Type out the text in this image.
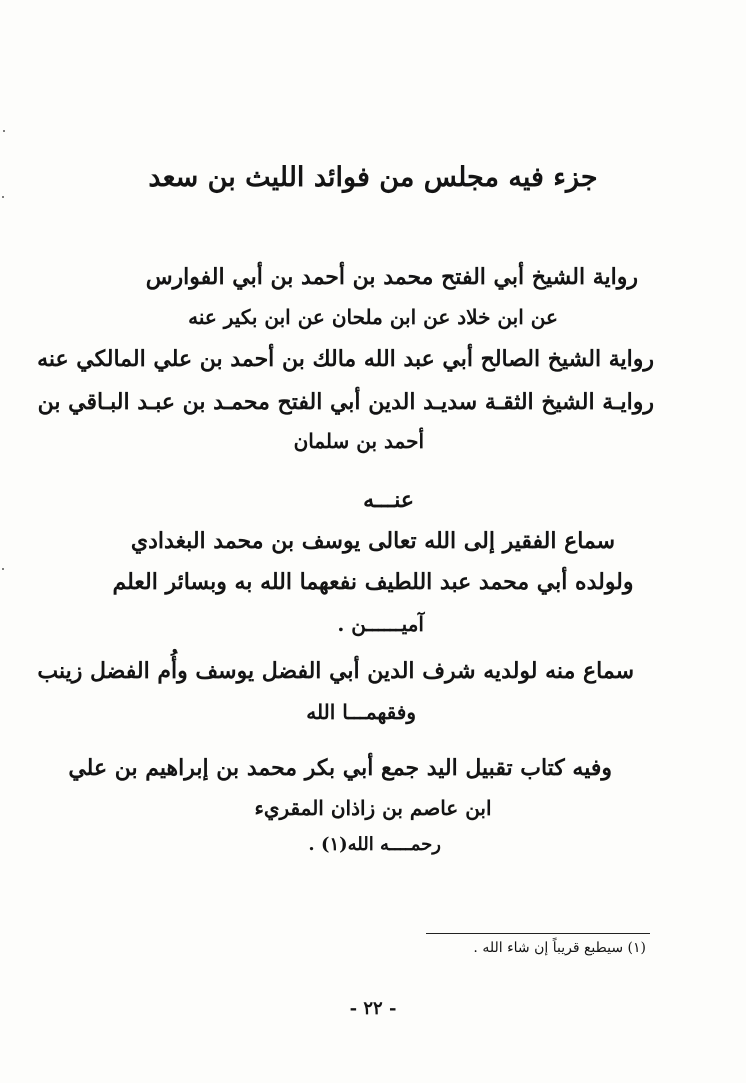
جزء فيه مجلس من فوائد الليث بن سعد
رواية الشيخ أبي الفتح محمد بن أحمد بن أبي الفوارس
عن ابن خلاد عن ابن ملحان عن ابن بكير عنه
رواية الشيخ الصالح أبي عبد الله مالك بن أحمد بن علي المالكي عنه
روايـة الشيخ الثقـة سديـد الدين أبي الفتح محمـد بن عبـد البـاقي بن
أحمد بن سلمان
عنـــه
سماع الفقير إلى الله تعالى يوسف بن محمد البغدادي
ولولده أبي محمد عبد اللطيف نفعهما الله به وبسائر العلم
آميــــــن .
سماع منه لولديه شرف الدين أبي الفضل يوسف وأُم الفضل زينب
وفقهمـــا الله
وفيه كتاب تقبيل اليد جمع أبي بكر محمد بن إبراهيم بن علي
ابن عاصم بن زاذان المقريء
رحمــــه الله(١) .
(١) سيطبع قريباً إن شاء الله .
- ٢٢ -
